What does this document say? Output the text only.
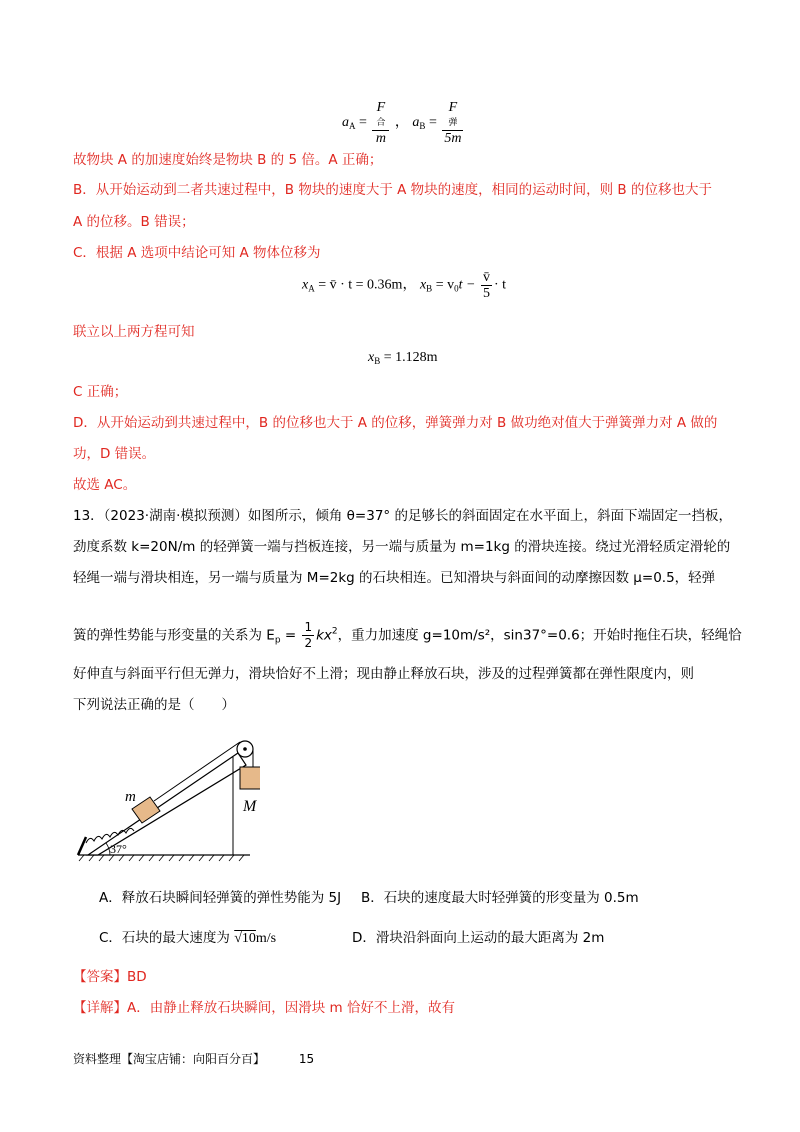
$a_A = F$
合
m ， $a_B = F$
弹
5m
故物块 A 的加速度始终是物块 B 的 5 倍。A 正确；
B．从开始运动到二者共速过程中，B 物块的速度大于 A 物块的速度，相同的运动时间，则 B 的位移也大于
A 的位移。B 错误；
C．根据 A 选项中结论可知 A 物体位移为
$x_A$ = v̄ · t = 0.36m， $x_B = v_0t - \frac{v̄}{5} \cdot t$
联立以上两方程可知
$x_B = 1.128m$
C 正确；
D．从开始运动到共速过程中，B 的位移也大于 A 的位移，弹簧弹力对 B 做功绝对值大于弹簧弹力对 A 做的
功，D 错误。
故选 AC。
13．（2023·湖南·模拟预测）如图所示，倾角 θ=37° 的足够长的斜面固定在水平面上，斜面下端固定一挡板，
劲度系数 k=20N/m 的轻弹簧一端与挡板连接，另一端与质量为 m=1kg 的滑块连接。绕过光滑轻质定滑轮的
轻绳一端与滑块相连，另一端与质量为 M=2kg 的石块相连。已知滑块与斜面间的动摩擦因数 μ=0.5，轻弹
簧的弹性势能与形变量的关系为 $E_p = \frac{1}{2} kx^2$，重力加速度 g=10m/s²，sin37°=0.6；开始时拖住石块，轻绳恰
好伸直与斜面平行但无弹力，滑块恰好不上滑；现由静止释放石块，涉及的过程弹簧都在弹性限度内，则
下列说法正确的是（　　）
m
M
37°
A．释放石块瞬间轻弹簧的弹性势能为 5J B．石块的速度最大时轻弹簧的形变量为 0.5m
C．石块的最大速度为 √10m/s	D．滑块沿斜面向上运动的最大距离为 2m
【答案】BD
【详解】A．由静止释放石块瞬间，因滑块 m 恰好不上滑，故有
资料整理【淘宝店铺：向阳百分百】	15
